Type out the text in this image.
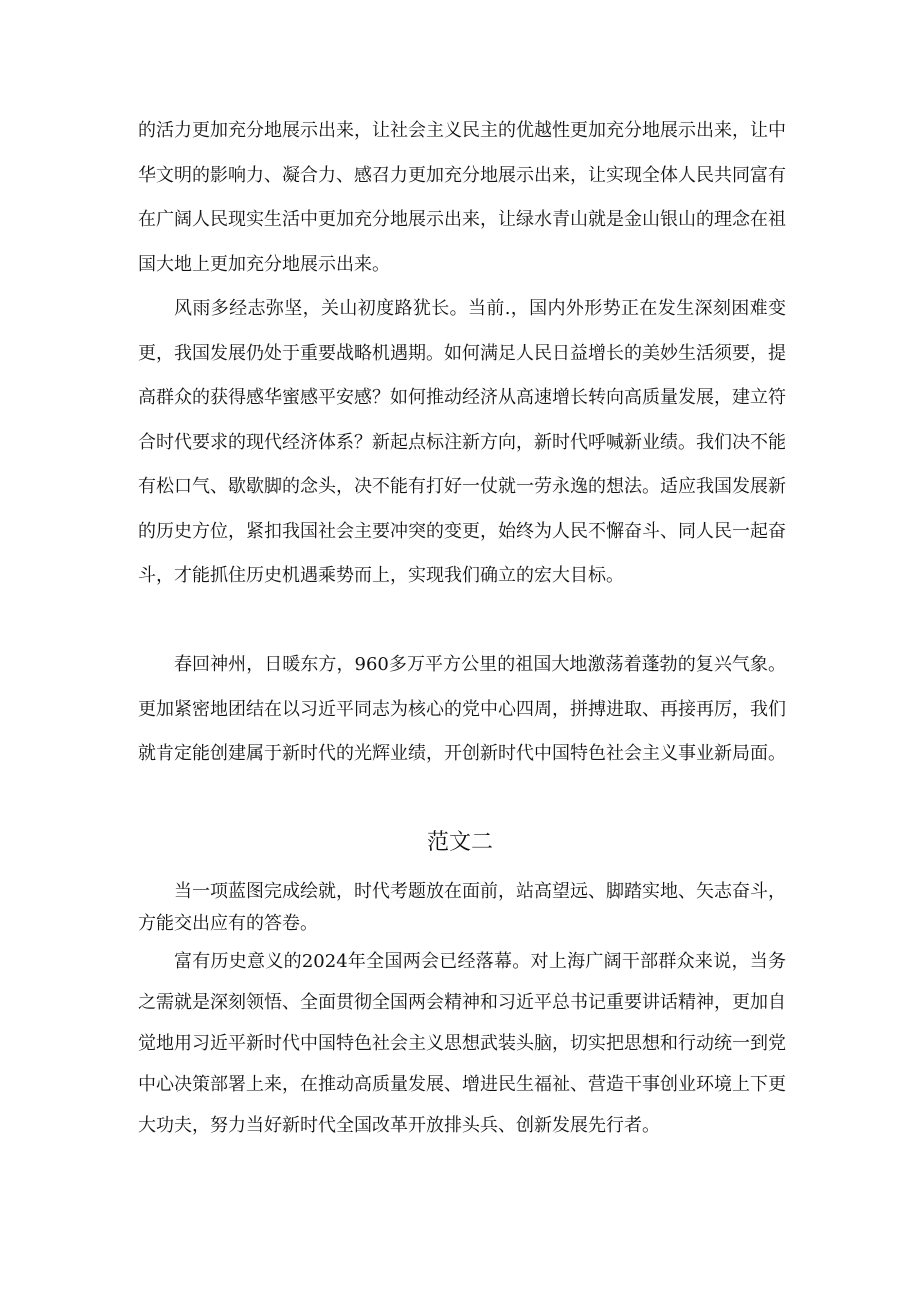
的活力更加充分地展示出来，让社会主义民主的优越性更加充分地展示出来，让中华文明的影响力、凝合力、感召力更加充分地展示出来，让实现全体人民共同富有在广阔人民现实生活中更加充分地展示出来，让绿水青山就是金山银山的理念在祖国大地上更加充分地展示出来。

风雨多经志弥坚，关山初度路犹长。当前.，国内外形势正在发生深刻困难变更，我国发展仍处于重要战略机遇期。如何满足人民日益增长的美妙生活须要，提高群众的获得感华蜜感平安感？如何推动经济从高速增长转向高质量发展，建立符合时代要求的现代经济体系？新起点标注新方向，新时代呼喊新业绩。我们决不能有松口气、歇歇脚的念头，决不能有打好一仗就一劳永逸的想法。适应我国发展新的历史方位，紧扣我国社会主要冲突的变更，始终为人民不懈奋斗、同人民一起奋斗，才能抓住历史机遇乘势而上，实现我们确立的宏大目标。

春回神州，日暖东方，960多万平方公里的祖国大地激荡着蓬勃的复兴气象。更加紧密地团结在以习近平同志为核心的党中心四周，拼搏进取、再接再厉，我们就肯定能创建属于新时代的光辉业绩，开创新时代中国特色社会主义事业新局面。

范文二

当一项蓝图完成绘就，时代考题放在面前，站高望远、脚踏实地、矢志奋斗，方能交出应有的答卷。

富有历史意义的2024年全国两会已经落幕。对上海广阔干部群众来说，当务之需就是深刻领悟、全面贯彻全国两会精神和习近平总书记重要讲话精神，更加自觉地用习近平新时代中国特色社会主义思想武装头脑，切实把思想和行动统一到党中心决策部署上来，在推动高质量发展、增进民生福祉、营造干事创业环境上下更大功夫，努力当好新时代全国改革开放排头兵、创新发展先行者。
